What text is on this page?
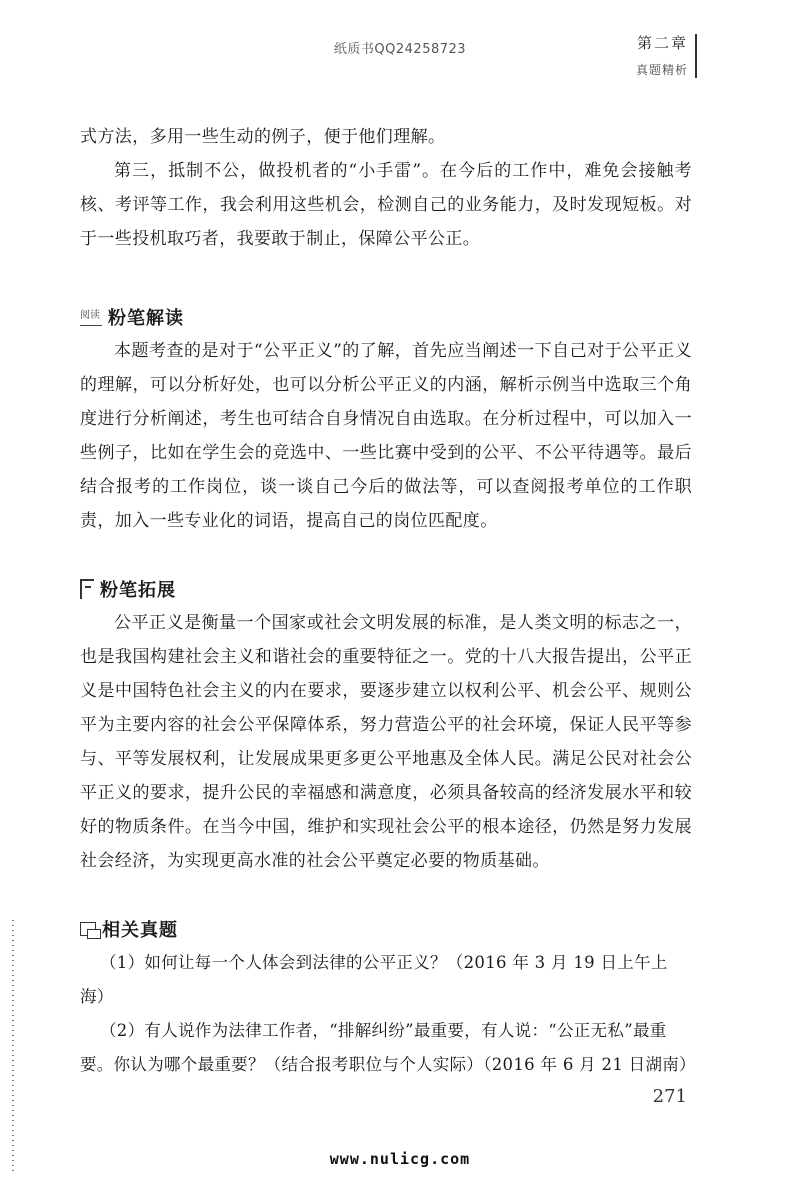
纸质书QQ24258723	第二章
真题精析

式方法，多用一些生动的例子，便于他们理解。

第三，抵制不公，做投机者的“小手雷”。在今后的工作中，难免会接触考核、考评等工作，我会利用这些机会，检测自己的业务能力，及时发现短板。对于一些投机取巧者，我要敢于制止，保障公平公正。

阅读 粉笔解读

本题考查的是对于“公平正义”的了解，首先应当阐述一下自己对于公平正义的理解，可以分析好处，也可以分析公平正义的内涵，解析示例当中选取三个角度进行分析阐述，考生也可结合自身情况自由选取。在分析过程中，可以加入一些例子，比如在学生会的竞选中、一些比赛中受到的公平、不公平待遇等。最后结合报考的工作岗位，谈一谈自己今后的做法等，可以查阅报考单位的工作职责，加入一些专业化的词语，提高自己的岗位匹配度。

粉笔拓展

公平正义是衡量一个国家或社会文明发展的标准，是人类文明的标志之一，也是我国构建社会主义和谐社会的重要特征之一。党的十八大报告提出，公平正义是中国特色社会主义的内在要求，要逐步建立以权利公平、机会公平、规则公平为主要内容的社会公平保障体系，努力营造公平的社会环境，保证人民平等参与、平等发展权利，让发展成果更多更公平地惠及全体人民。满足公民对社会公平正义的要求，提升公民的幸福感和满意度，必须具备较高的经济发展水平和较好的物质条件。在当今中国，维护和实现社会公平的根本途径，仍然是努力发展社会经济，为实现更高水准的社会公平奠定必要的物质基础。

相关真题

（1）如何让每一个人体会到法律的公平正义？（2016 年 3 月 19 日上午上海）

（2）有人说作为法律工作者，“排解纠纷”最重要，有人说：“公正无私”最重要。你认为哪个最重要？（结合报考职位与个人实际）（2016 年 6 月 21 日湖南）

271
www.nulicg.com
